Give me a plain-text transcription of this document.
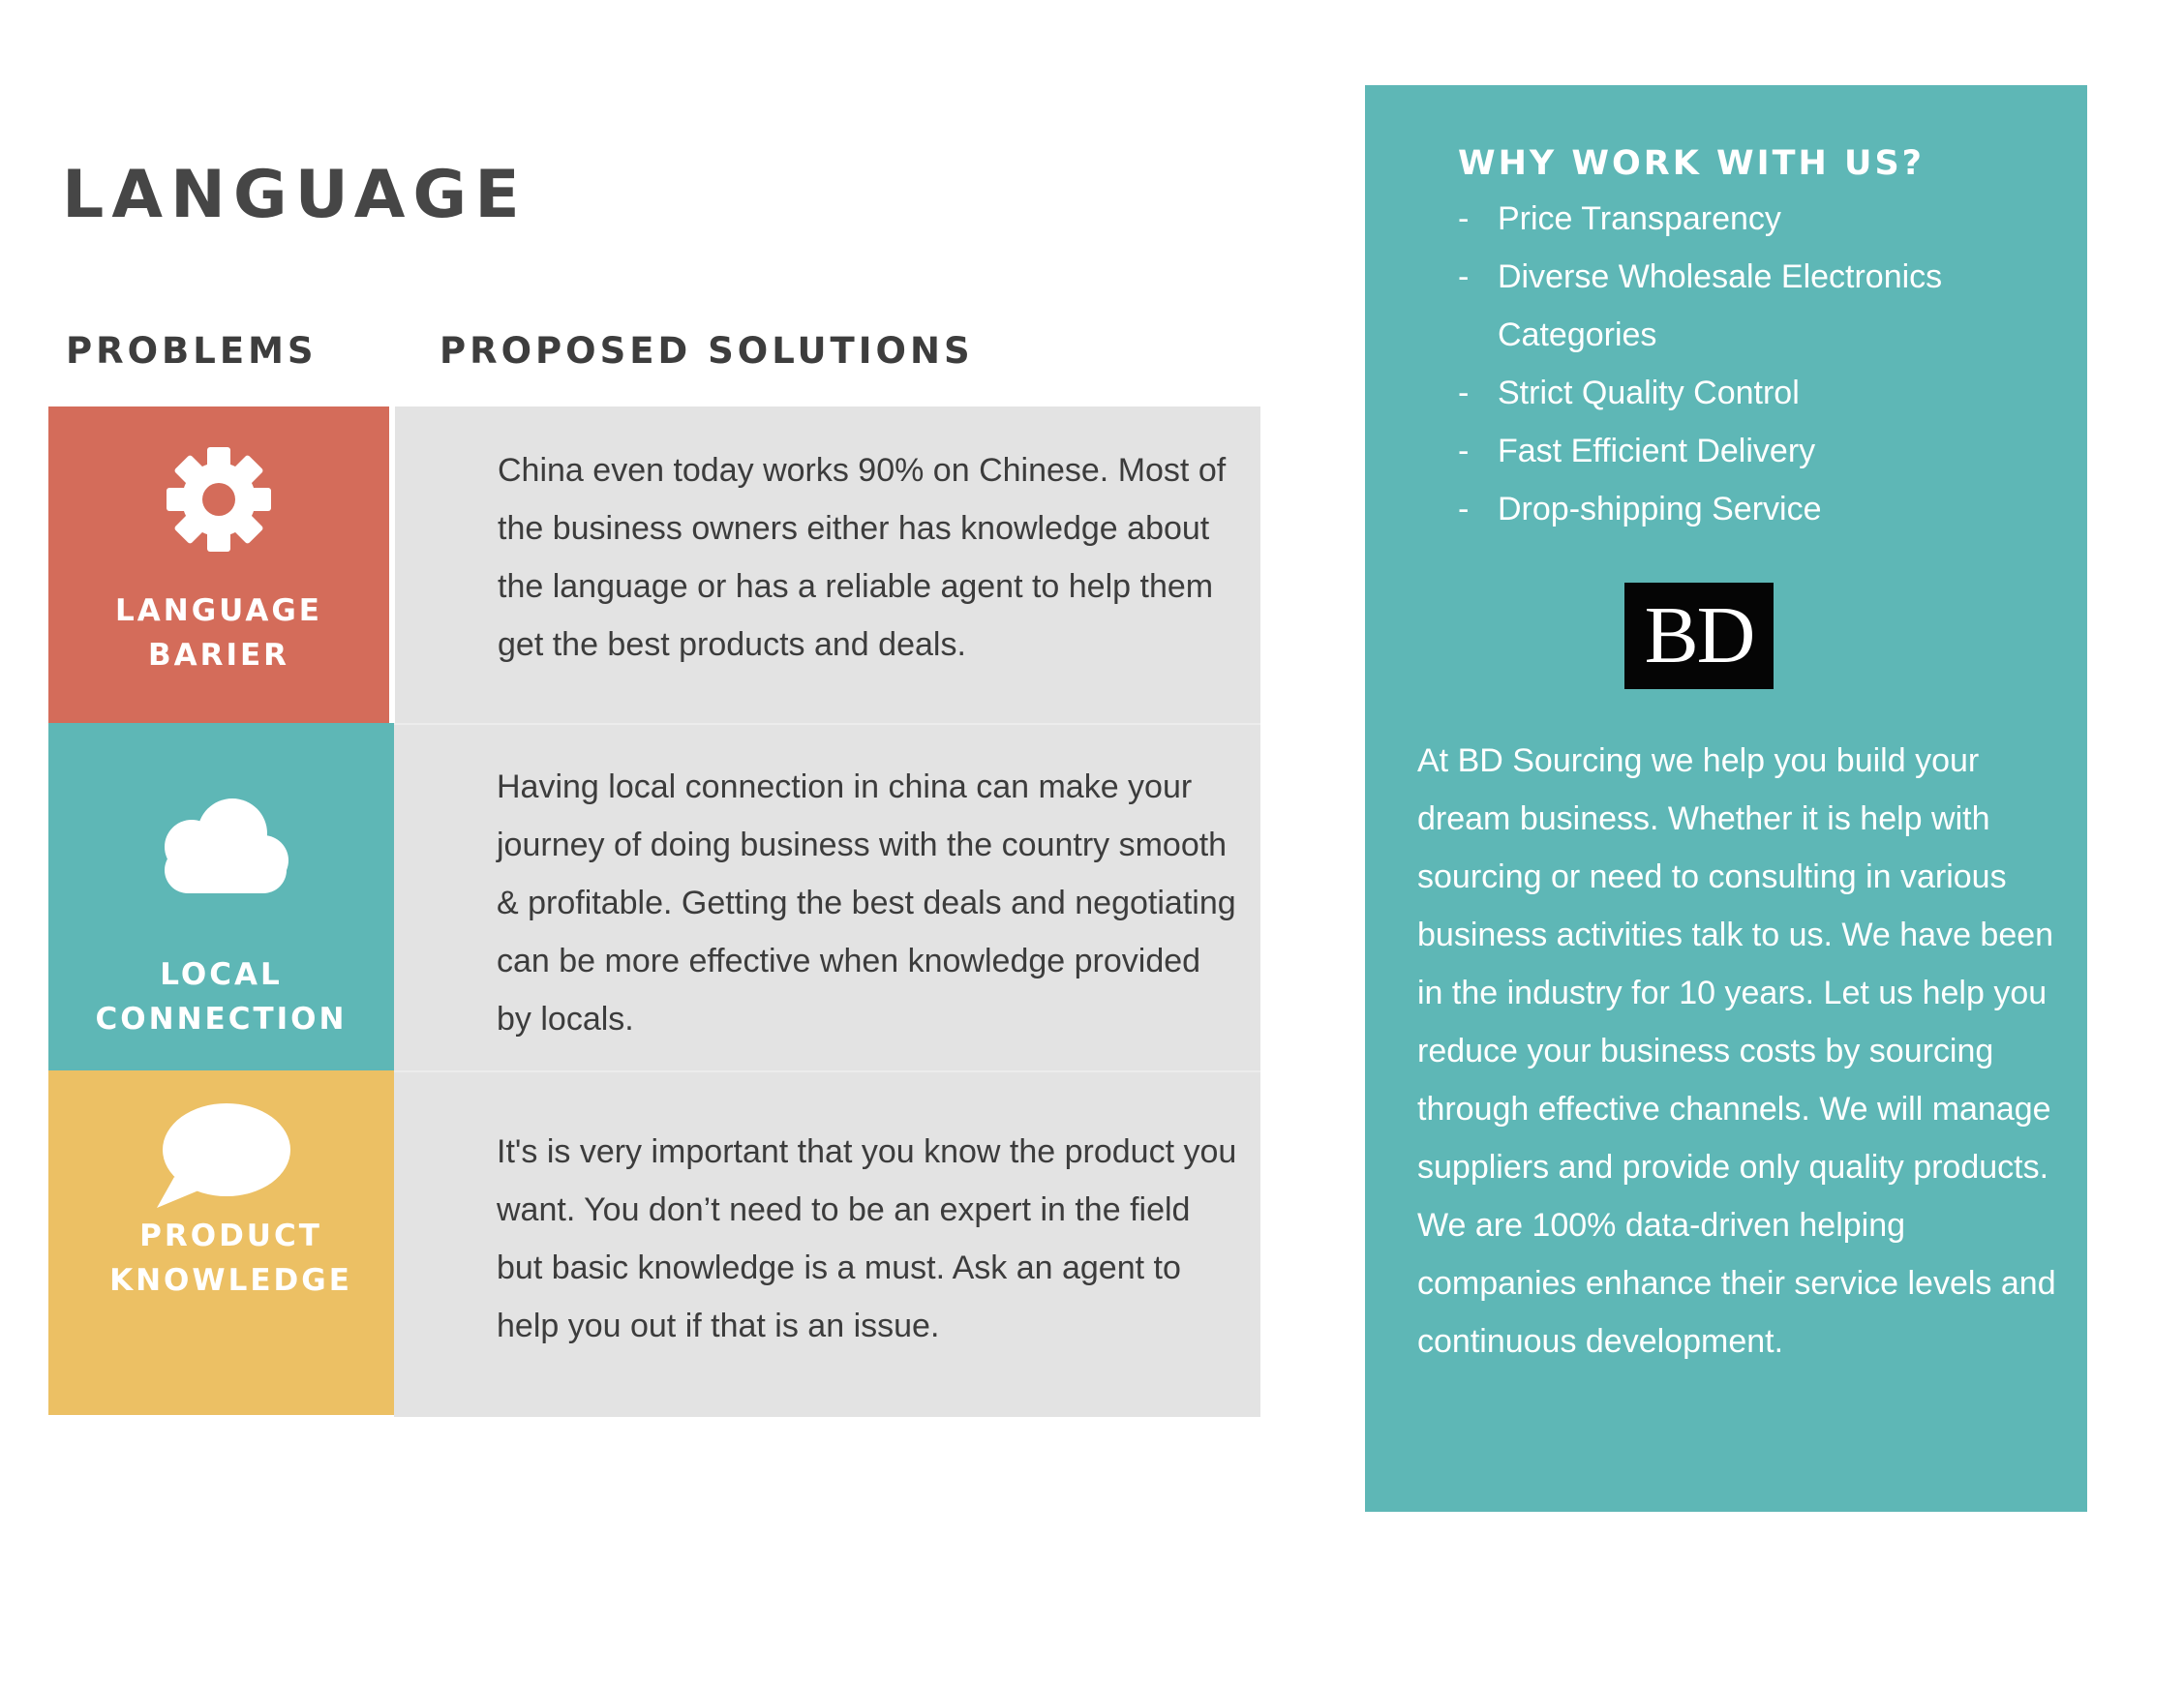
LANGUAGE
PROBLEMS	PROPOSED SOLUTIONS
LANGUAGE BARIER

China even today works 90% on Chinese. Most of the business owners either has knowledge about the language or has a reliable agent to help them get the best products and deals.

LOCAL CONNECTION

Having local connection in china can make your journey of doing business with the country smooth & profitable. Getting the best deals and negotiating can be more effective when knowledge provided by locals.

PRODUCT
KNOWLEDGE

It's is very important that you know the product you want. You don’t need to be an expert in the field but basic knowledge is a must. Ask an agent to help you out if that is an issue.

WHY WORK WITH US?
- Price Transparency
- Diverse Wholesale Electronics Categories
- Strict Quality Control
- Fast Efficient Delivery
- Drop-shipping Service
BD

At BD Sourcing we help you build your dream business. Whether it is help with sourcing or need to consulting in various business activities talk to us. We have been in the industry for 10 years. Let us help you reduce your business costs by sourcing through effective channels. We will manage suppliers and provide only quality products. We are 100% data-driven helping companies enhance their service levels and continuous development.
